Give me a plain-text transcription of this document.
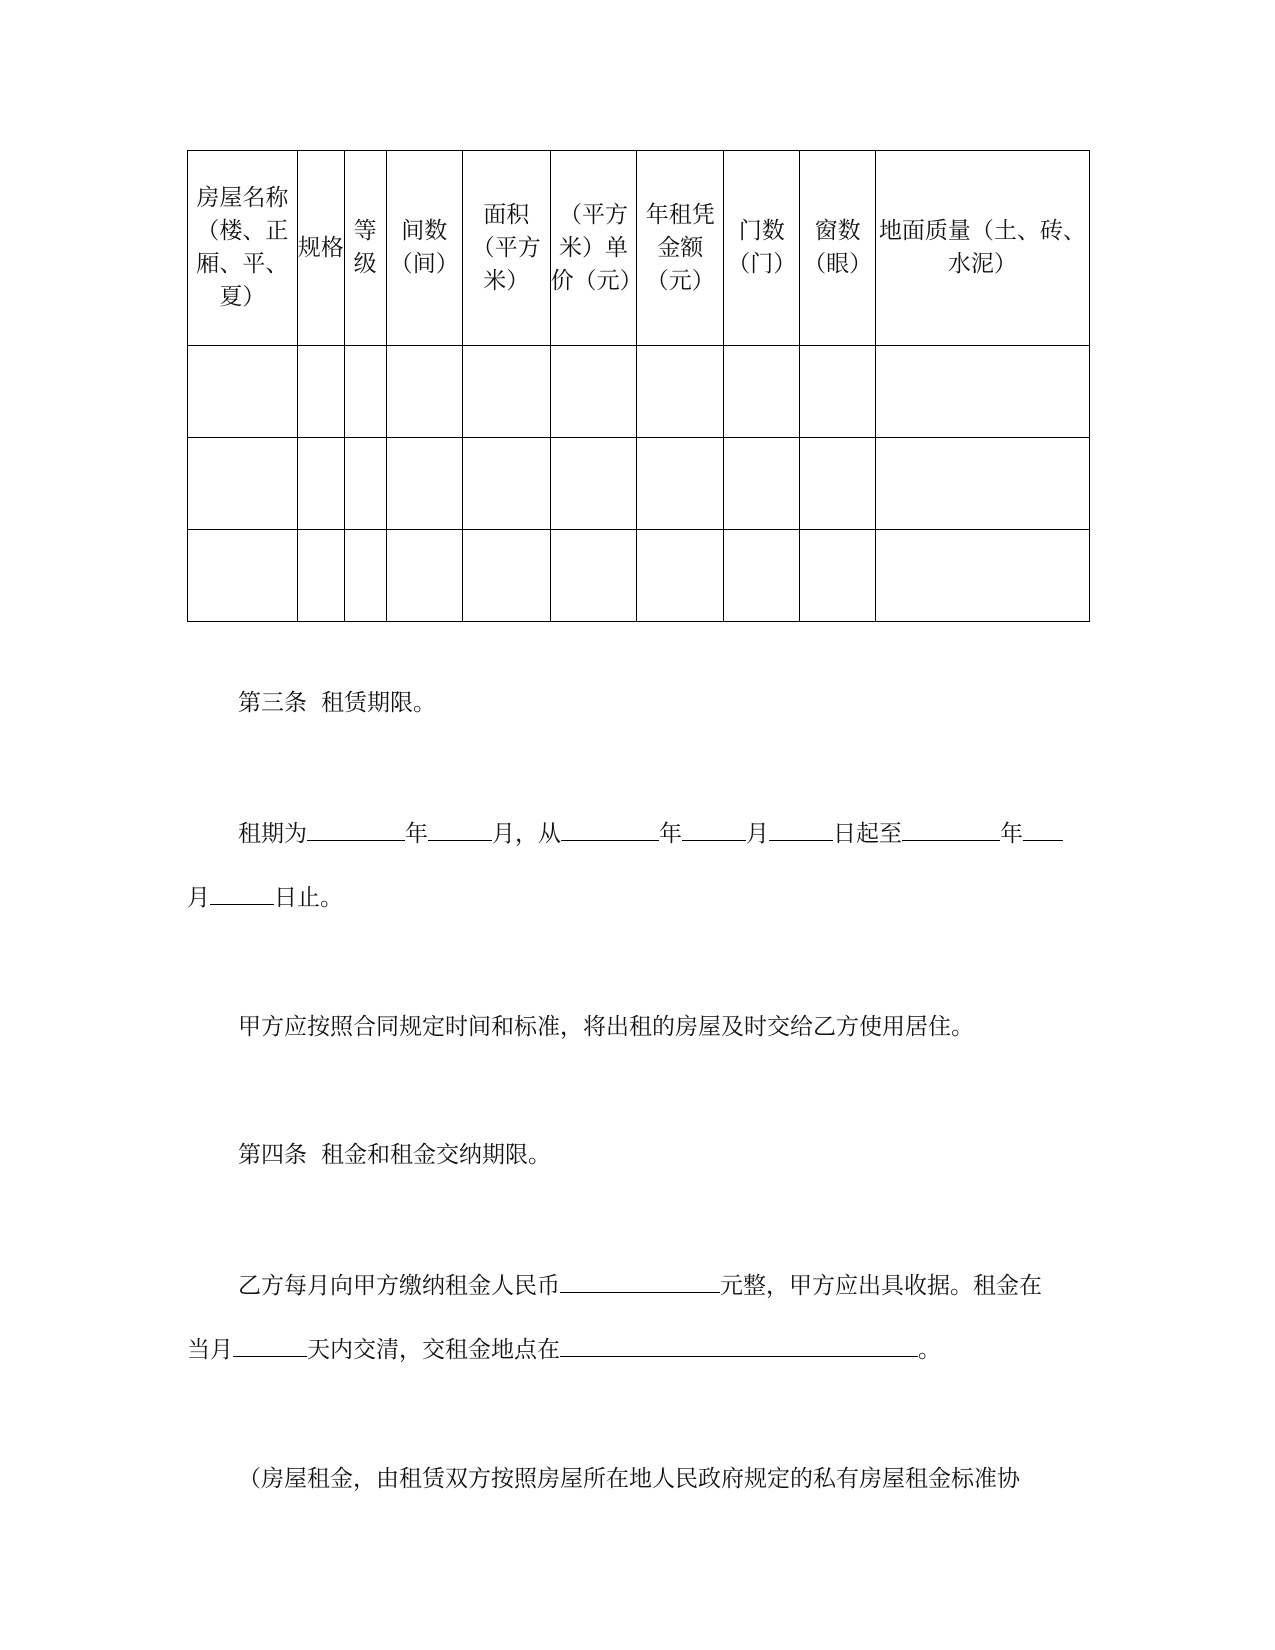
房屋名称（楼、正厢、平、夏）	规格	等级	间数（间）	面积（平方米）	（平方米）单价（元）	年租凭金额（元）	门数（门）	窗数（眼）	地面质量（土、砖、水泥）

第三条 租赁期限。
租期为	年	月，从	年	月	日起至	年
月	日止。
甲方应按照合同规定时间和标准，将出租的房屋及时交给乙方使用居住。
第四条 租金和租金交纳期限。
乙方每月向甲方缴纳租金人民币	元整，甲方应出具收据。租金在
当月	天内交清，交租金地点在	。
（房屋租金，由租赁双方按照房屋所在地人民政府规定的私有房屋租金标准协
